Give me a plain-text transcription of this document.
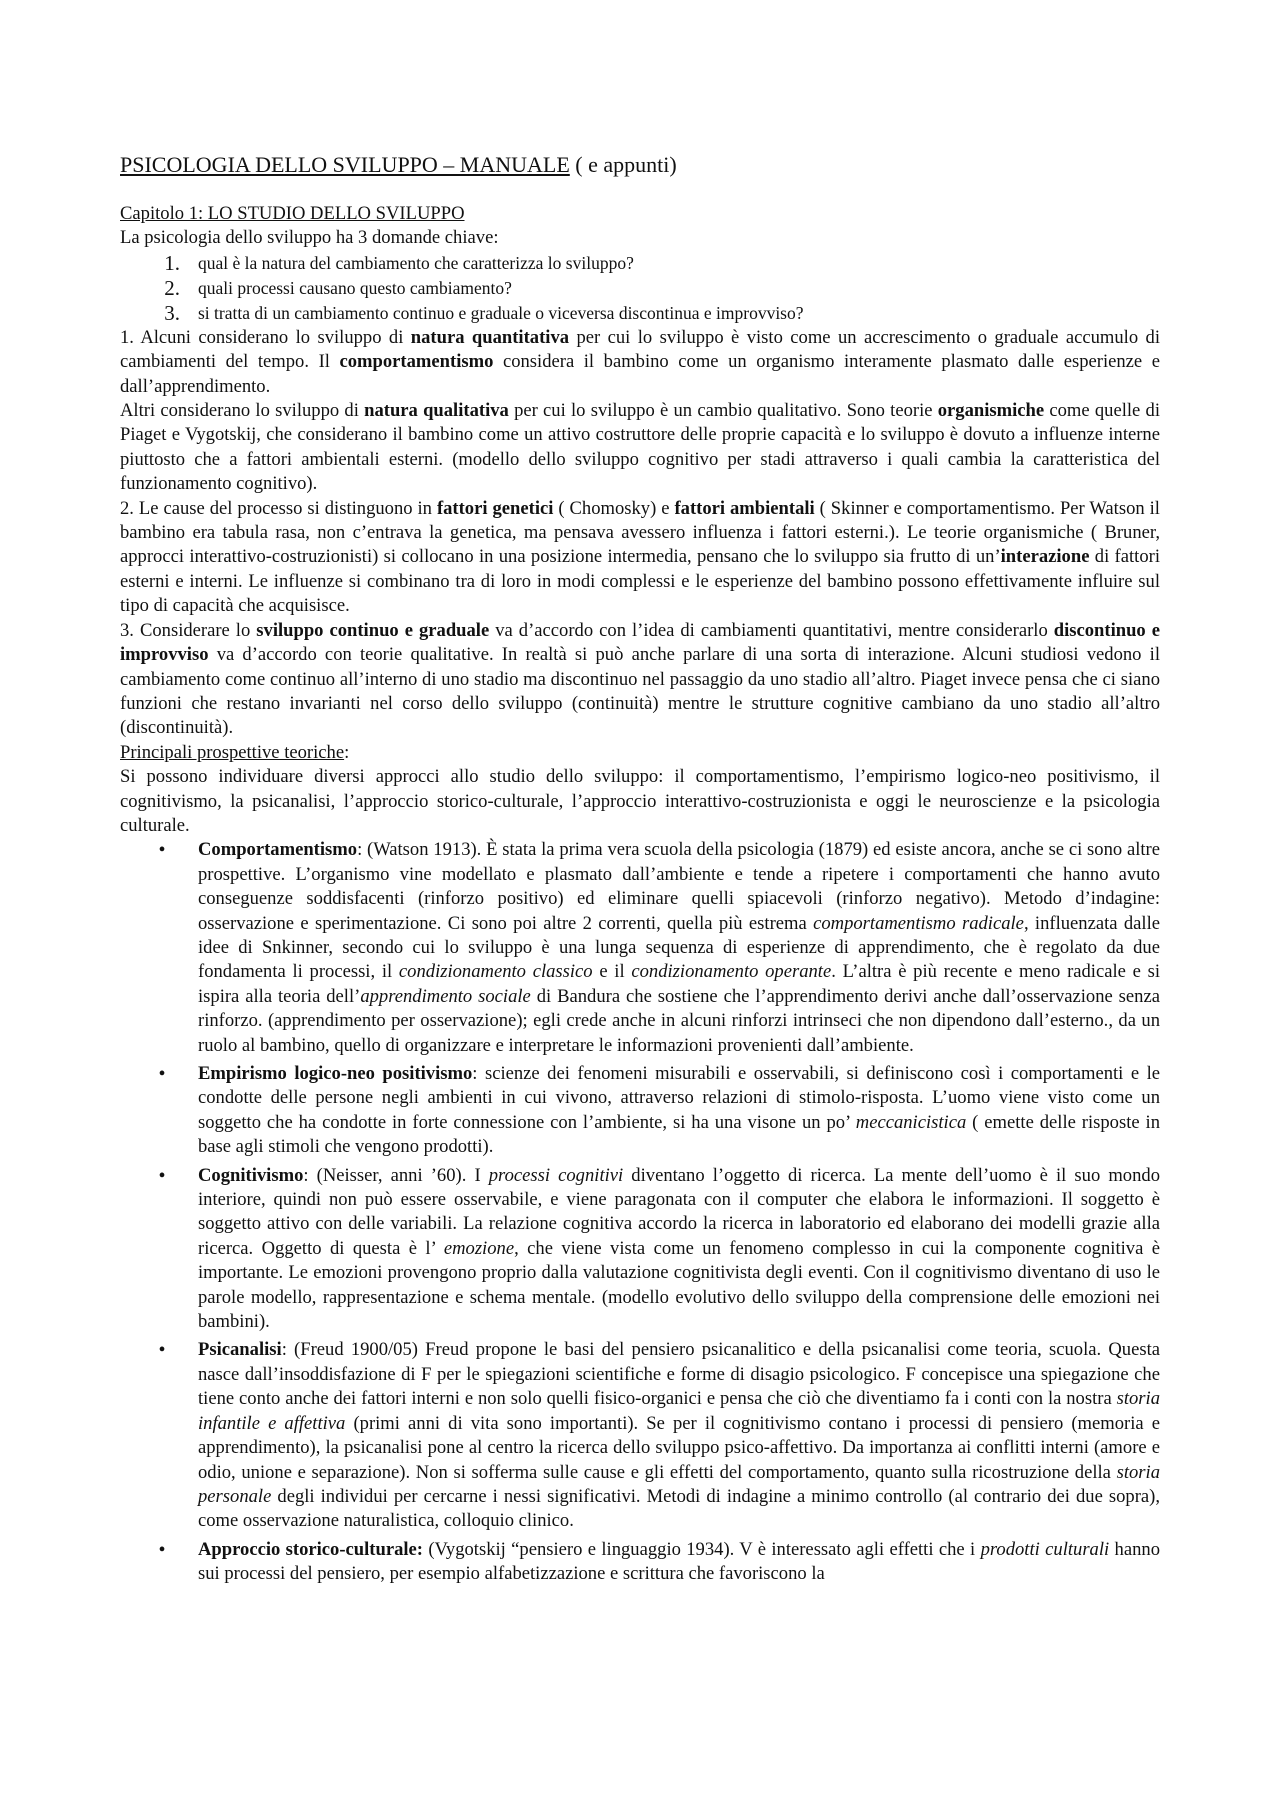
PSICOLOGIA DELLO SVILUPPO – MANUALE ( e appunti)
Capitolo 1: LO STUDIO DELLO SVILUPPO

La psicologia dello sviluppo ha 3 domande chiave:

1.	qual è la natura del cambiamento che caratterizza lo sviluppo?
2.	quali processi causano questo cambiamento?
3.	si tratta di un cambiamento continuo e graduale o viceversa discontinua e improvviso?

1. Alcuni considerano lo sviluppo di natura quantitativa per cui lo sviluppo è visto come un accrescimento o graduale accumulo di cambiamenti del tempo. Il comportamentismo considera il bambino come un organismo interamente plasmato dalle esperienze e dall’apprendimento.

Altri considerano lo sviluppo di natura qualitativa per cui lo sviluppo è un cambio qualitativo. Sono teorie organismiche come quelle di Piaget e Vygotskij, che considerano il bambino come un attivo costruttore delle proprie capacità e lo sviluppo è dovuto a influenze interne piuttosto che a fattori ambientali esterni. (modello dello sviluppo cognitivo per stadi attraverso i quali cambia la caratteristica del funzionamento cognitivo).

2. Le cause del processo si distinguono in fattori genetici ( Chomosky) e fattori ambientali ( Skinner e comportamentismo. Per Watson il bambino era tabula rasa, non c’entrava la genetica, ma pensava avessero influenza i fattori esterni.). Le teorie organismiche ( Bruner, approcci interattivo-costruzionisti) si collocano in una posizione intermedia, pensano che lo sviluppo sia frutto di un’interazione di fattori esterni e interni. Le influenze si combinano tra di loro in modi complessi e le esperienze del bambino possono effettivamente influire sul tipo di capacità che acquisisce.

3. Considerare lo sviluppo continuo e graduale va d’accordo con l’idea di cambiamenti quantitativi, mentre considerarlo discontinuo e improvviso va d’accordo con teorie qualitative. In realtà si può anche parlare di una sorta di interazione. Alcuni studiosi vedono il cambiamento come continuo all’interno di uno stadio ma discontinuo nel passaggio da uno stadio all’altro. Piaget invece pensa che ci siano funzioni che restano invarianti nel corso dello sviluppo (continuità) mentre le strutture cognitive cambiano da uno stadio all’altro (discontinuità).

Principali prospettive teoriche:

Si possono individuare diversi approcci allo studio dello sviluppo: il comportamentismo, l’empirismo logico-neo positivismo, il cognitivismo, la psicanalisi, l’approccio storico-culturale, l’approccio interattivo-costruzionista e oggi le neuroscienze e la psicologia culturale.

•	Comportamentismo: (Watson 1913). È stata la prima vera scuola della psicologia (1879) ed esiste ancora, anche se ci sono altre prospettive. L’organismo vine modellato e plasmato dall’ambiente e tende a ripetere i comportamenti che hanno avuto conseguenze soddisfacenti (rinforzo positivo) ed eliminare quelli spiacevoli (rinforzo negativo). Metodo d’indagine: osservazione e sperimentazione. Ci sono poi altre 2 correnti, quella più estrema comportamentismo radicale, influenzata dalle idee di Snkinner, secondo cui lo sviluppo è una lunga sequenza di esperienze di apprendimento, che è regolato da due fondamenta li processi, il condizionamento classico e il condizionamento operante. L’altra è più recente e meno radicale e si ispira alla teoria dell’apprendimento sociale di Bandura che sostiene che l’apprendimento derivi anche dall’osservazione senza rinforzo. (apprendimento per osservazione); egli crede anche in alcuni rinforzi intrinseci che non dipendono dall’esterno., da un ruolo al bambino, quello di organizzare e interpretare le informazioni provenienti dall’ambiente.
•	Empirismo logico-neo positivismo: scienze dei fenomeni misurabili e osservabili, si definiscono così i comportamenti e le condotte delle persone negli ambienti in cui vivono, attraverso relazioni di stimolo-risposta. L’uomo viene visto come un soggetto che ha condotte in forte connessione con l’ambiente, si ha una visone un po’ meccanicistica ( emette delle risposte in base agli stimoli che vengono prodotti).
•	Cognitivismo: (Neisser, anni ’60). I processi cognitivi diventano l’oggetto di ricerca. La mente dell’uomo è il suo mondo interiore, quindi non può essere osservabile, e viene paragonata con il computer che elabora le informazioni. Il soggetto è soggetto attivo con delle variabili. La relazione cognitiva accordo la ricerca in laboratorio ed elaborano dei modelli grazie alla ricerca. Oggetto di questa è l’ emozione, che viene vista come un fenomeno complesso in cui la componente cognitiva è importante. Le emozioni provengono proprio dalla valutazione cognitivista degli eventi. Con il cognitivismo diventano di uso le parole modello, rappresentazione e schema mentale. (modello evolutivo dello sviluppo della comprensione delle emozioni nei bambini).
•	Psicanalisi: (Freud 1900/05) Freud propone le basi del pensiero psicanalitico e della psicanalisi come teoria, scuola. Questa nasce dall’insoddisfazione di F per le spiegazioni scientifiche e forme di disagio psicologico. F concepisce una spiegazione che tiene conto anche dei fattori interni e non solo quelli fisico-organici e pensa che ciò che diventiamo fa i conti con la nostra storia infantile e affettiva (primi anni di vita sono importanti). Se per il cognitivismo contano i processi di pensiero (memoria e apprendimento), la psicanalisi pone al centro la ricerca dello sviluppo psico-affettivo. Da importanza ai conflitti interni (amore e odio, unione e separazione). Non si sofferma sulle cause e gli effetti del comportamento, quanto sulla ricostruzione della storia personale degli individui per cercarne i nessi significativi. Metodi di indagine a minimo controllo (al contrario dei due sopra), come osservazione naturalistica, colloquio clinico.
•	Approccio storico-culturale: (Vygotskij “pensiero e linguaggio 1934). V è interessato agli effetti che i prodotti culturali hanno sui processi del pensiero, per esempio alfabetizzazione e scrittura che favoriscono la
